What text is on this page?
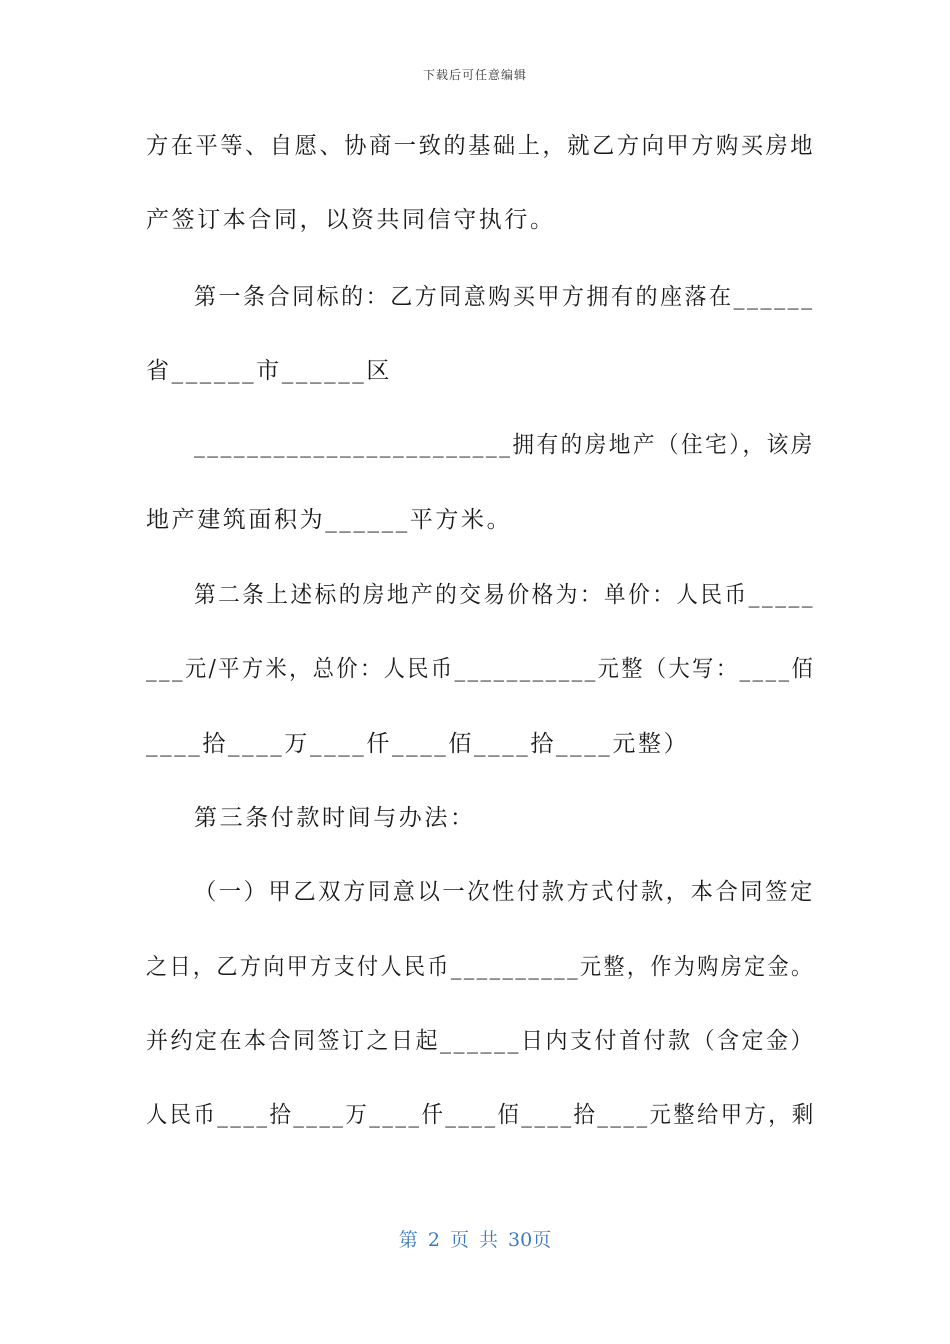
下载后可任意编辑
方在平等、自愿、协商一致的基础上，就乙方向甲方购买房地
产签订本合同，以资共同信守执行。
第一条合同标的：乙方同意购买甲方拥有的座落在______
省______市______区
________________________拥有的房地产（住宅），该房
地产建筑面积为______平方米。
第二条上述标的房地产的交易价格为：单价：人民币_____
___元/平方米，总价：人民币___________元整（大写：____佰
____拾____万____仟____佰____拾____元整）
第三条付款时间与办法：
（一）甲乙双方同意以一次性付款方式付款，本合同签定
之日，乙方向甲方支付人民币__________元整，作为购房定金。
并约定在本合同签订之日起______日内支付首付款（含定金）
人民币____拾____万____仟____佰____拾____元整给甲方，剩
第 2 页 共 30页
